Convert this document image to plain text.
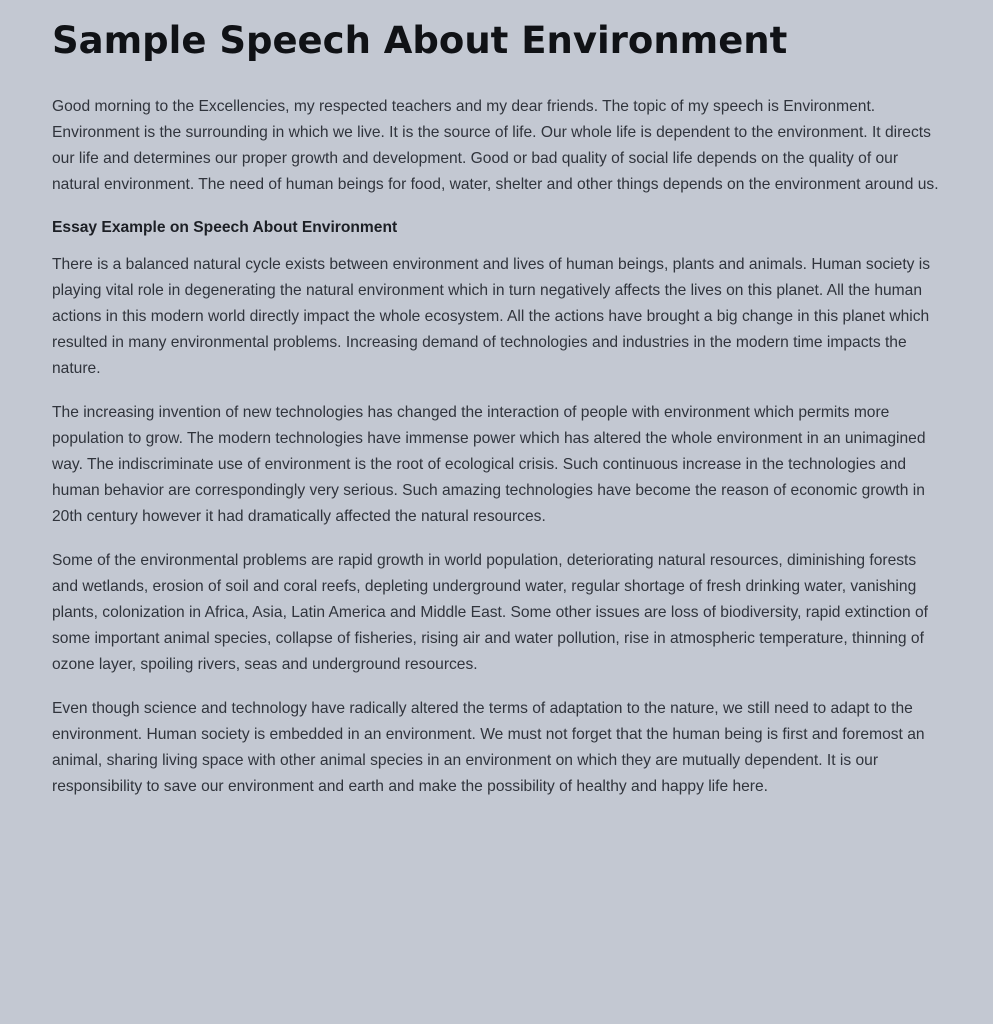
Sample Speech About Environment

Good morning to the Excellencies, my respected teachers and my dear friends. The topic of my speech is Environment. Environment is the surrounding in which we live. It is the source of life. Our whole life is dependent to the environment. It directs our life and determines our proper growth and development. Good or bad quality of social life depends on the quality of our natural environment. The need of human beings for food, water, shelter and other things depends on the environment around us.

Essay Example on Speech About Environment

There is a balanced natural cycle exists between environment and lives of human beings, plants and animals. Human society is playing vital role in degenerating the natural environment which in turn negatively affects the lives on this planet. All the human actions in this modern world directly impact the whole ecosystem. All the actions have brought a big change in this planet which resulted in many environmental problems. Increasing demand of technologies and industries in the modern time impacts the nature.

The increasing invention of new technologies has changed the interaction of people with environment which permits more population to grow. The modern technologies have immense power which has altered the whole environment in an unimagined way. The indiscriminate use of environment is the root of ecological crisis. Such continuous increase in the technologies and human behavior are correspondingly very serious. Such amazing technologies have become the reason of economic growth in 20th century however it had dramatically affected the natural resources.

Some of the environmental problems are rapid growth in world population, deteriorating natural resources, diminishing forests and wetlands, erosion of soil and coral reefs, depleting underground water, regular shortage of fresh drinking water, vanishing plants, colonization in Africa, Asia, Latin America and Middle East. Some other issues are loss of biodiversity, rapid extinction of some important animal species, collapse of fisheries, rising air and water pollution, rise in atmospheric temperature, thinning of ozone layer, spoiling rivers, seas and underground resources.

Even though science and technology have radically altered the terms of adaptation to the nature, we still need to adapt to the environment. Human society is embedded in an environment. We must not forget that the human being is first and foremost an animal, sharing living space with other animal species in an environment on which they are mutually dependent. It is our responsibility to save our environment and earth and make the possibility of healthy and happy life here.
